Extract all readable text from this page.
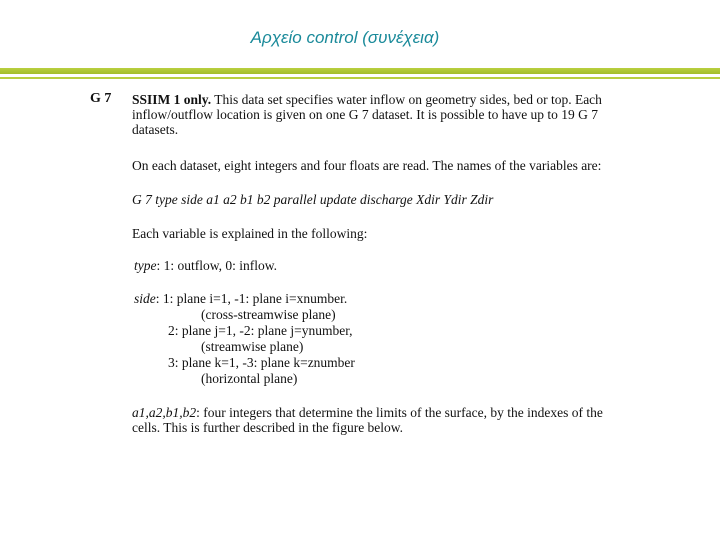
Αρχείο control (συνέχεια)
G 7 SSIIM 1 only. This data set specifies water inflow on geometry sides, bed or top. Each inflow/outflow location is given on one G 7 dataset. It is possible to have up to 19 G 7 datasets.
On each dataset, eight integers and four floats are read. The names of the variables are:
G 7 type side a1 a2 b1 b2 parallel update discharge Xdir Ydir Zdir
Each variable is explained in the following:
type: 1: outflow, 0: inflow.
side: 1: plane i=1, -1: plane i=xnumber.
(cross-streamwise plane)
2: plane j=1, -2: plane j=ynumber,
(streamwise plane)
3: plane k=1, -3: plane k=znumber
(horizontal plane)
a1,a2,b1,b2: four integers that determine the limits of the surface, by the indexes of the cells. This is further described in the figure below.
